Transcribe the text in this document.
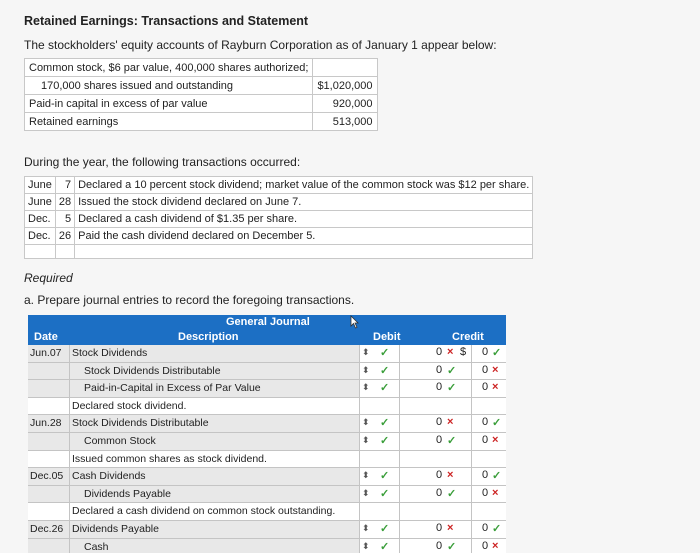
Retained Earnings: Transactions and Statement
The stockholders' equity accounts of Rayburn Corporation as of January 1 appear below:
Common stock, $6 par value, 400,000 shares authorized;	
170,000 shares issued and outstanding	$1,020,000
Paid-in capital in excess of par value	920,000
Retained earnings	513,000
During the year, the following transactions occurred:
June	7	Declared a 10 percent stock dividend; market value of the common stock was $12 per share.
June	28	Issued the stock dividend declared on June 7.
Dec.	5	Declared a cash dividend of $1.35 per share.
Dec.	26	Paid the cash dividend declared on December 5.

Required
a. Prepare journal entries to record the foregoing transactions.
General Journal
Date	Description	Debit	Credit
Jun.07 Stock Dividends	⬍ ✓	0 × $ 0 ✓
Stock Dividends Distributable	⬍ ✓	0 ✓ 0 ×
Paid-in-Capital in Excess of Par Value	⬍ ✓	0 ✓ 0 ×
Declared stock dividend.
Jun.28 Stock Dividends Distributable	⬍ ✓	0 ×	0 ✓
Common Stock	⬍ ✓	0 ✓ 0 ×
Issued common shares as stock dividend.
Dec.05 Cash Dividends	⬍ ✓	0 ×	0 ✓
Dividends Payable	⬍ ✓	0 ✓ 0 ×
Declared a cash dividend on common stock outstanding.
Dec.26 Dividends Payable	⬍ ✓	0 ×	0 ✓
Cash	⬍ ✓	0 ✓ 0 ×
